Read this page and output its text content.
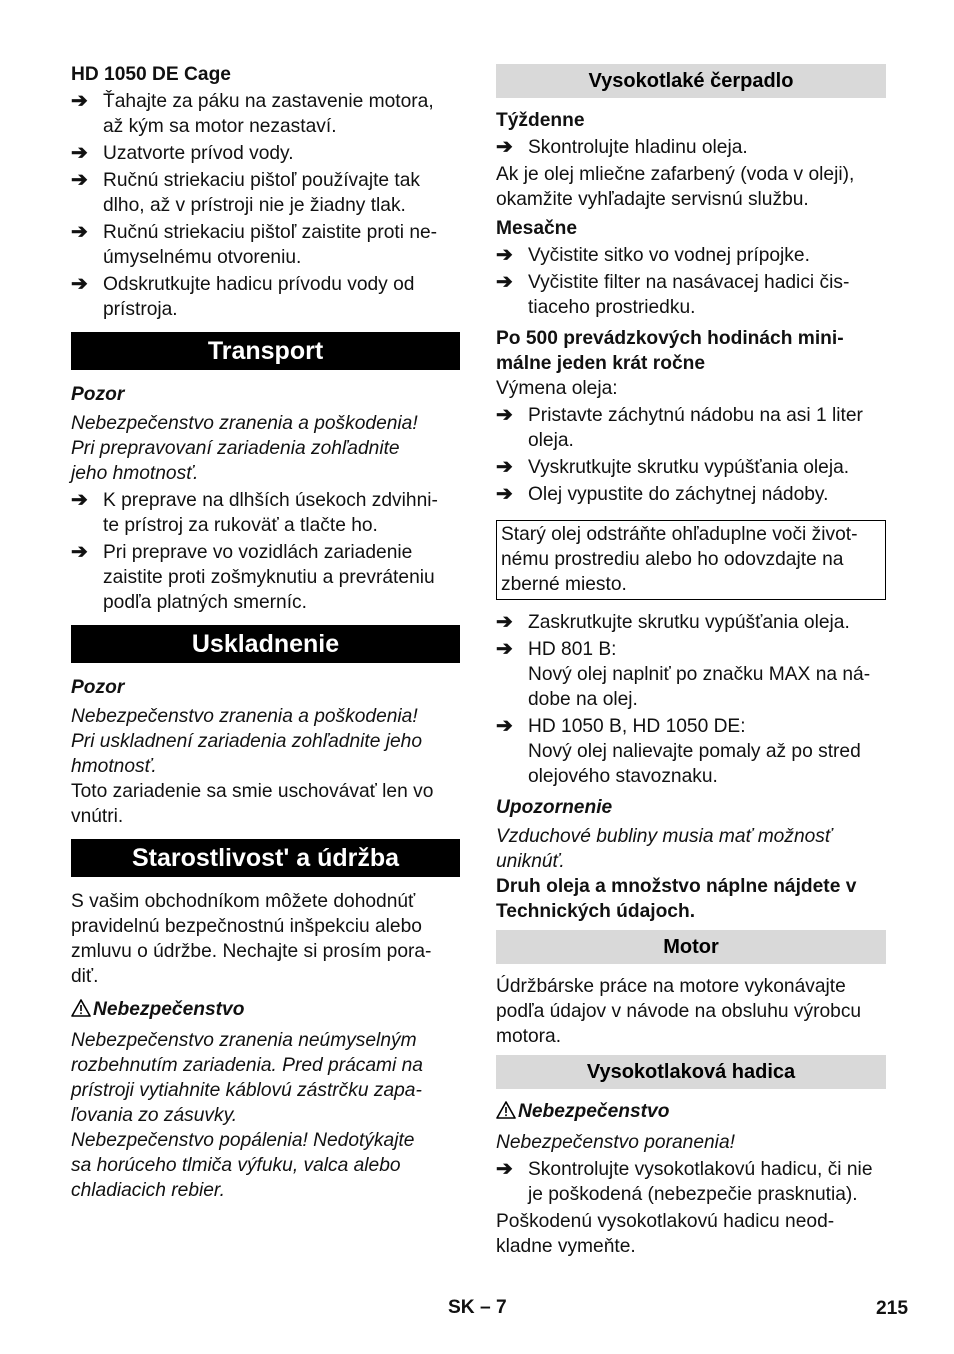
HD 1050 DE Cage
➔ Ťahajte za páku na zastavenie motora,
až kým sa motor nezastaví.
➔ Uzatvorte prívod vody.
➔ Ručnú striekaciu pištoľ používajte tak
dlho, až v prístroji nie je žiadny tlak.
➔ Ručnú striekaciu pištoľ zaistite proti ne-
úmyselnému otvoreniu.
➔ Odskrutkujte hadicu prívodu vody od
prístroja.
Transport
Pozor
Nebezpečenstvo zranenia a poškodenia!
Pri prepravovaní zariadenia zohľadnite
jeho hmotnosť.
➔ K preprave na dlhších úsekoch zdvihni-
te prístroj za rukoväť a tlačte ho.
➔ Pri preprave vo vozidlách zariadenie
zaistite proti zošmyknutiu a prevráteniu
podľa platných smerníc.
Uskladnenie
Pozor
Nebezpečenstvo zranenia a poškodenia!
Pri uskladnení zariadenia zohľadnite jeho
hmotnosť.
Toto zariadenie sa smie uschovávať len vo
vnútri.
Starostlivost' a údržba
S vašim obchodníkom môžete dohodnúť
pravidelnú bezpečnostnú inšpekciu alebo
zmluvu o údržbe. Nechajte si prosím pora-
diť.
Nebezpečenstvo
Nebezpečenstvo zranenia neúmyselným
rozbehnutím zariadenia. Pred prácami na
prístroji vytiahnite káblovú zástrčku zapa-
ľovania zo zásuvky.
Nebezpečenstvo popálenia! Nedotýkajte
sa horúceho tlmiča výfuku, valca alebo
chladiacich rebier.
Vysokotlaké čerpadlo
Týždenne
➔ Skontrolujte hladinu oleja.
Ak je olej mliečne zafarbený (voda v oleji),
okamžite vyhľadajte servisnú službu.
Mesačne
➔ Vyčistite sitko vo vodnej prípojke.
➔ Vyčistite filter na nasávacej hadici čis-
tiaceho prostriedku.
Po 500 prevádzkových hodinách mini-
málne jeden krát ročne
Výmena oleja:
➔ Pristavte záchytnú nádobu na asi 1 liter
oleja.
➔ Vyskrutkujte skrutku vypúšťania oleja.
➔ Olej vypustite do záchytnej nádoby.
Starý olej odstráňte ohľaduplne voči život-
nému prostrediu alebo ho odovzdajte na
zberné miesto.
➔ Zaskrutkujte skrutku vypúšťania oleja.
➔ HD 801 B:
Nový olej naplniť po značku MAX na ná-
dobe na olej.
➔ HD 1050 B, HD 1050 DE:
Nový olej nalievajte pomaly až po stred
olejového stavoznaku.
Upozornenie
Vzduchové bubliny musia mať možnosť
uniknúť.
Druh oleja a množstvo náplne nájdete v
Technických údajoch.
Motor
Údržbárske práce na motore vykonávajte
podľa údajov v návode na obsluhu výrobcu
motora.
Vysokotlaková hadica
Nebezpečenstvo
Nebezpečenstvo poranenia!
➔ Skontrolujte vysokotlakovú hadicu, či nie
je poškodená (nebezpečie prasknutia).
Poškodenú vysokotlakovú hadicu neod-
kladne vymeňte.
SK – 7	215
